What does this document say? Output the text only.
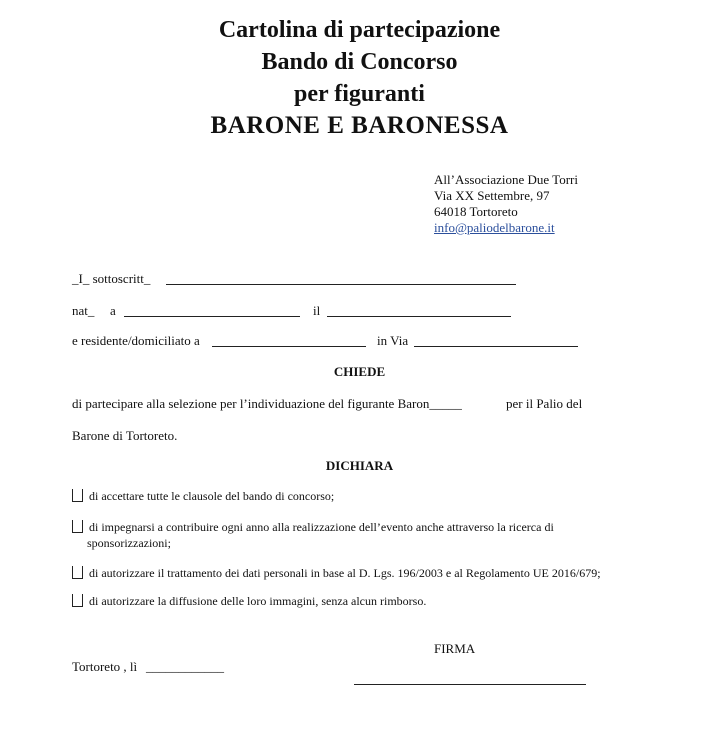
Cartolina di partecipazione
Bando di Concorso
per figuranti
BARONE E BARONESSA
All’Associazione Due Torri
Via XX Settembre, 97
64018 Tortoreto
info@paliodelbarone.it
_I_ sottoscritt_
nat_ a	il
e residente/domiciliato a	in Via
CHIEDE
di partecipare alla selezione per l’individuazione del figurante Baron_____	per il Palio del
Barone di Tortoreto.
DICHIARA
di accettare tutte le clausole del bando di concorso;
di impegnarsi a contribuire ogni anno alla realizzazione dell’evento anche attraverso la ricerca di
sponsorizzazioni;
di autorizzare il trattamento dei dati personali in base al D. Lgs. 196/2003 e al Regolamento UE 2016/679;
di autorizzare la diffusione delle loro immagini, senza alcun rimborso.
FIRMA
Tortoreto , lì ____________
